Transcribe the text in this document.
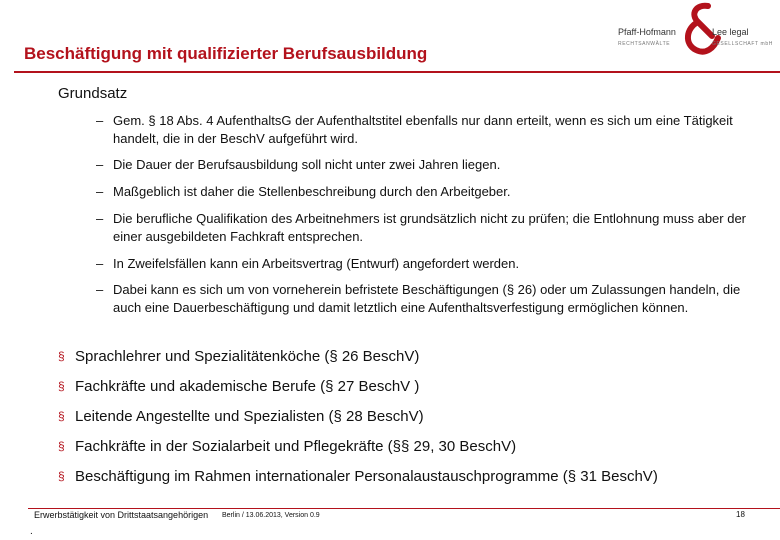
Beschäftigung mit qualifizierter Berufsausbildung
Pfaff-Hofmann	Lee legal
RECHTSANWÄLTE	GESELLSCHAFT mbH
Grundsatz
– Gem. § 18 Abs. 4 AufenthaltsG der Aufenthaltstitel ebenfalls nur dann erteilt, wenn es sich um eine Tätigkeit handelt, die in der BeschV aufgeführt wird.
– Die Dauer der Berufsausbildung soll nicht unter zwei Jahren liegen.
– Maßgeblich ist daher die Stellenbeschreibung durch den Arbeitgeber.
– Die berufliche Qualifikation des Arbeitnehmers ist grundsätzlich nicht zu prüfen; die Entlohnung muss aber der einer ausgebildeten Fachkraft entsprechen.
– In Zweifelsfällen kann ein Arbeitsvertrag (Entwurf) angefordert werden.
– Dabei kann es sich um von vorneherein befristete Beschäftigungen (§ 26) oder um Zulassungen handeln, die auch eine Dauerbeschäftigung und damit letztlich eine Aufenthaltsverfestigung ermöglichen können.
§ Sprachlehrer und Spezialitätenköche (§ 26 BeschV)
§ Fachkräfte und akademische Berufe (§ 27 BeschV )
§ Leitende Angestellte und Spezialisten (§ 28 BeschV)
§ Fachkräfte in der Sozialarbeit und Pflegekräfte (§§ 29, 30 BeschV)
§ Beschäftigung im Rahmen internationaler Personalaustauschprogramme (§ 31 BeschV)
Erwerbstätigkeit von Drittstaatsangehörigen Berlin / 13.06.2013, Version 0.9	18
.
